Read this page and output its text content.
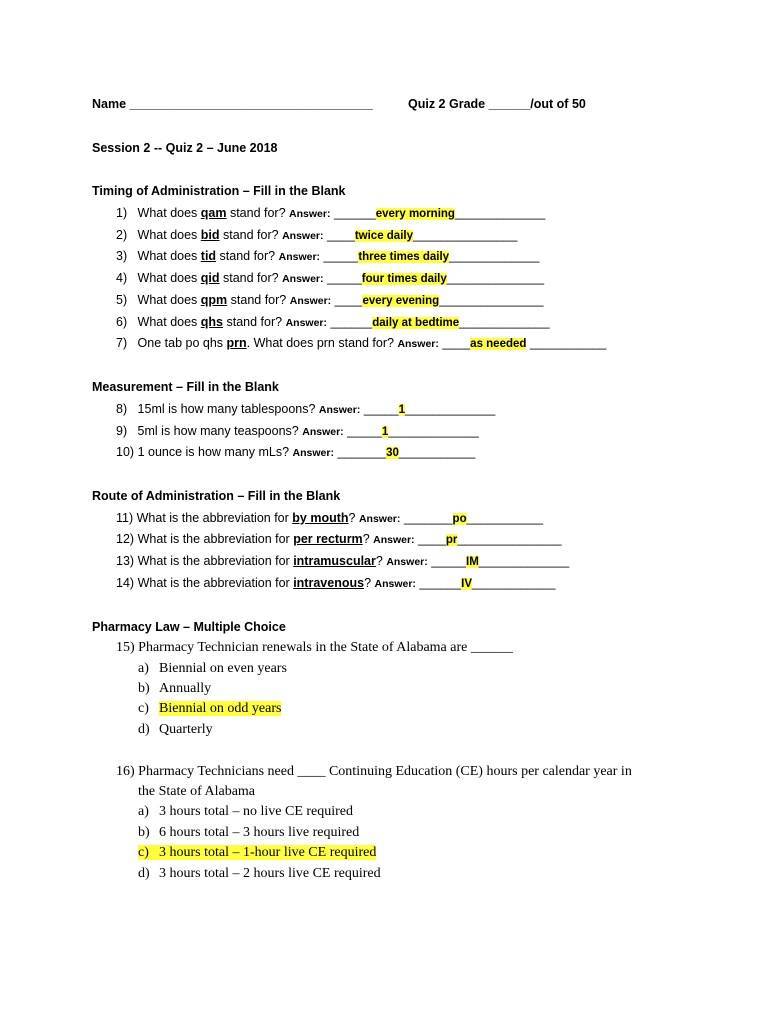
Name ___________________________________	Quiz 2 Grade ______/out of 50
Session 2 -- Quiz 2 – June 2018
Timing of Administration – Fill in the Blank
1) What does qam stand for? Answer: ______every morning_____________
2) What does bid stand for? Answer: ____twice daily_______________
3) What does tid stand for? Answer: _____three times daily_____________
4) What does qid stand for? Answer: _____four times daily______________
5) What does qpm stand for? Answer: ____every evening_______________
6) What does qhs stand for? Answer: ______daily at bedtime_____________
7) One tab po qhs prn. What does prn stand for? Answer: ____as needed ___________
Measurement – Fill in the Blank
8) 15ml is how many tablespoons? Answer: _____1_____________
9) 5ml is how many teaspoons? Answer: _____1_____________
10) 1 ounce is how many mLs? Answer: _______30___________
Route of Administration – Fill in the Blank
11) What is the abbreviation for by mouth? Answer: _______po___________
12) What is the abbreviation for per recturm? Answer: ____pr_______________
13) What is the abbreviation for intramuscular? Answer: _____IM_____________
14) What is the abbreviation for intravenous? Answer: ______IV____________
Pharmacy Law – Multiple Choice
15) Pharmacy Technician renewals in the State of Alabama are ______
a) Biennial on even years
b) Annually
c) Biennial on odd years
d) Quarterly
16) Pharmacy Technicians need ____ Continuing Education (CE) hours per calendar year in
the State of Alabama
a) 3 hours total – no live CE required
b) 6 hours total – 3 hours live required
c) 3 hours total – 1-hour live CE required
d) 3 hours total – 2 hours live CE required
